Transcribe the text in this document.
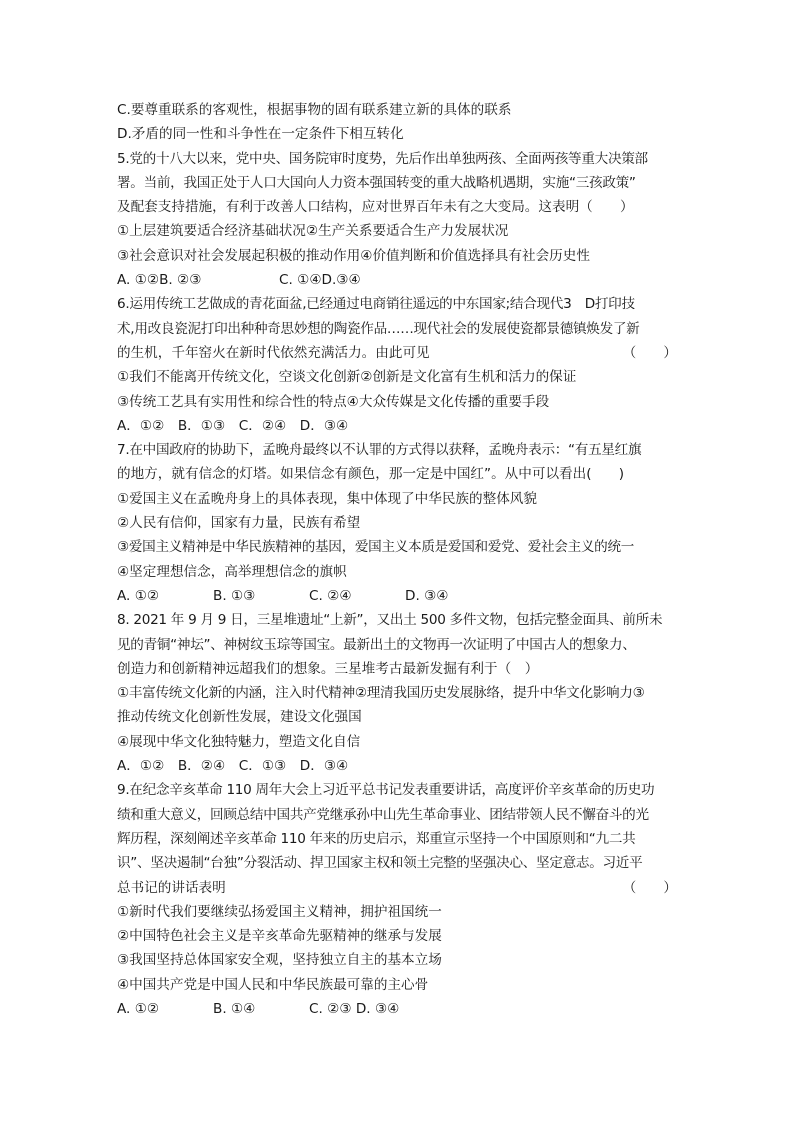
C.要尊重联系的客观性，根据事物的固有联系建立新的具体的联系
D.矛盾的同一性和斗争性在一定条件下相互转化
5.党的十八大以来，党中央、国务院审时度势，先后作出单独两孩、全面两孩等重大决策部
署。当前，我国正处于人口大国向人力资本强国转变的重大战略机遇期，实施“三孩政策”
及配套支持措施，有利于改善人口结构，应对世界百年未有之大变局。这表明（　　）
①上层建筑要适合经济基础状况②生产关系要适合生产力发展状况
③社会意识对社会发展起积极的推动作用④价值判断和价值选择具有社会历史性
A. ①②B. ②③	C. ①④D.③④
6.运用传统工艺做成的青花面盆,已经通过电商销往遥远的中东国家;结合现代3　D打印技
术,用改良瓷泥打印出种种奇思妙想的陶瓷作品……现代社会的发展使瓷都景德镇焕发了新
的生机，千年窑火在新时代依然充满活力。由此可见	（　　）
①我们不能离开传统文化，空谈文化创新②创新是文化富有生机和活力的保证
③传统工艺具有实用性和综合性的特点④大众传媒是文化传播的重要手段
A．①②　B．①③　C．②④　D．③④
7.在中国政府的协助下，孟晚舟最终以不认罪的方式得以获释，孟晚舟表示：“有五星红旗
的地方，就有信念的灯塔。如果信念有颜色，那一定是中国红”。从中可以看出(　　)
①爱国主义在孟晚舟身上的具体表现，集中体现了中华民族的整体风貌
②人民有信仰，国家有力量，民族有希望
③爱国主义精神是中华民族精神的基因，爱国主义本质是爱国和爱党、爱社会主义的统一
④坚定理想信念，高举理想信念的旗帜
A. ①②	B. ①③	C. ②④	D. ③④
8. 2021 年 9 月 9 日，三星堆遗址“上新”，又出土 500 多件文物，包括完整金面具、前所未
见的青铜“神坛”、神树纹玉琮等国宝。最新出土的文物再一次证明了中国古人的想象力、
创造力和创新精神远超我们的想象。三星堆考古最新发掘有利于（　）
①丰富传统文化新的内涵，注入时代精神②理清我国历史发展脉络，提升中华文化影响力③
推动传统文化创新性发展，建设文化强国
④展现中华文化独特魅力，塑造文化自信
A．①②　B．②④　C．①③　D．③④
9.在纪念辛亥革命 110 周年大会上习近平总书记发表重要讲话，高度评价辛亥革命的历史功
绩和重大意义，回顾总结中国共产党继承孙中山先生革命事业、团结带领人民不懈奋斗的光
辉历程，深刻阐述辛亥革命 110 年来的历史启示，郑重宣示坚持一个中国原则和“九二共
识”、坚决遏制“台独”分裂活动、捍卫国家主权和领土完整的坚强决心、坚定意志。习近平
总书记的讲话表明	（　　）
①新时代我们要继续弘扬爱国主义精神，拥护祖国统一
②中国特色社会主义是辛亥革命先驱精神的继承与发展
③我国坚持总体国家安全观，坚持独立自主的基本立场
④中国共产党是中国人民和中华民族最可靠的主心骨
A. ①②	B. ①④	C. ②③ D. ③④
